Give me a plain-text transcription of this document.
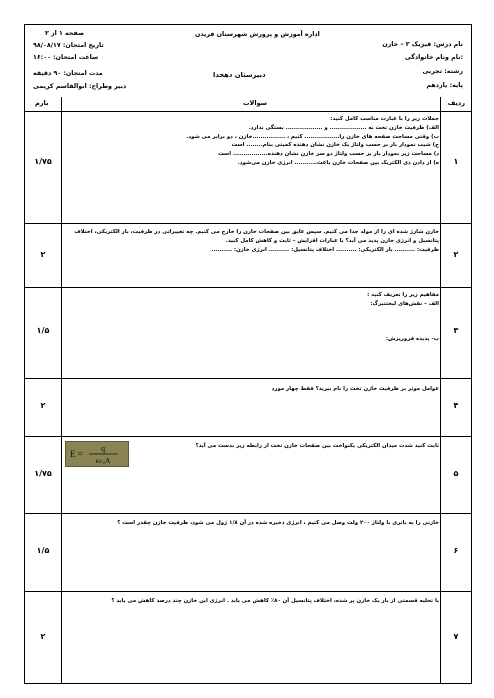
اداره آموزش و پرورش شهرستان فریدن
دبیرستان دهخدا
نام درس: فیزیک ۲ – خازن
نام ونام خانوادگی:
رشته: تجربی
پایه: یازدهم
صفحه ۱ از ۲
تاریخ امتحان: ۹۸/۰۸/۱۷
ساعت امتحان: ۱۶:۰۰
مدت امتحان: ۹۰ دقیقه
دبیر وطراح: ابوالقاسم کریمی
ردیف
سوالات
بارم
۱
۱/۷۵
جملات زیر را با عبارت مناسب کامل کنید:
الف) ظرفیت خازن تخت به .................. و .................. بستگی ندارد.
ب) وقتی مساحت صفحه های خازن را................. کنیم ، ................خازن ، دو برابر می شود.
ج) شیب نمودار بار بر حسب ولتاژ یک خازن نشان دهنده کمیتی بنام........ است
د) مساحت زیر نمودار بار بر حسب ولتاژ دو سر خازن نشان دهنده................. است
ه) از دادن دی الکتریک بین صفحات خازن باعث........... انرژی خازن می‌شود.
۲
۲
خازن شارژ شده ای را از مولد جدا می کنیم. سپس عایق بین صفحات خازن را خارج می کنیم. چه تغییراتی در ظرفیت، بار الکتریکی، اختلاف
پتانسیل و انرژی خازن پدید می آید؟ با عبارات افزایش – ثابت و کاهش کامل کنید.
ظرفیت: .......... بار الکتریکی: .......... اختلاف پتانسیل: .......... انرژی خازن: ..........
۳
۱/۵
مفاهیم زیر را تعریف کنید :
الف – نقش‌های لیختنبرگ:

ب- پدیده فروریزش:
۴
۲
عوامل موثر بر ظرفیت خازن تخت را نام ببرید؟ فقط چهار مورد
۵
۱/۷۵
ثابت کنید شدت میدان الکتریکی یکنواخت بین صفحات خازن تخت از رابطه زیر بدست می آید؟
E =
q
κε₀A
۶
۱/۵
خازنی را به باتری با ولتاژ ۲۰۰ ولت وصل می کنیم ، انرژی ذخیره شده در آن ۱/۸ ژول می شود، ظرفیت خازن چقدر است ؟
۷
۲
با تخلیه قسمتی از بار یک خازن پر شده، اختلاف پتانسیل آن ۸۰٪ کاهش می یابد . انرژی این خازن چند درصد کاهش می یابد ؟
